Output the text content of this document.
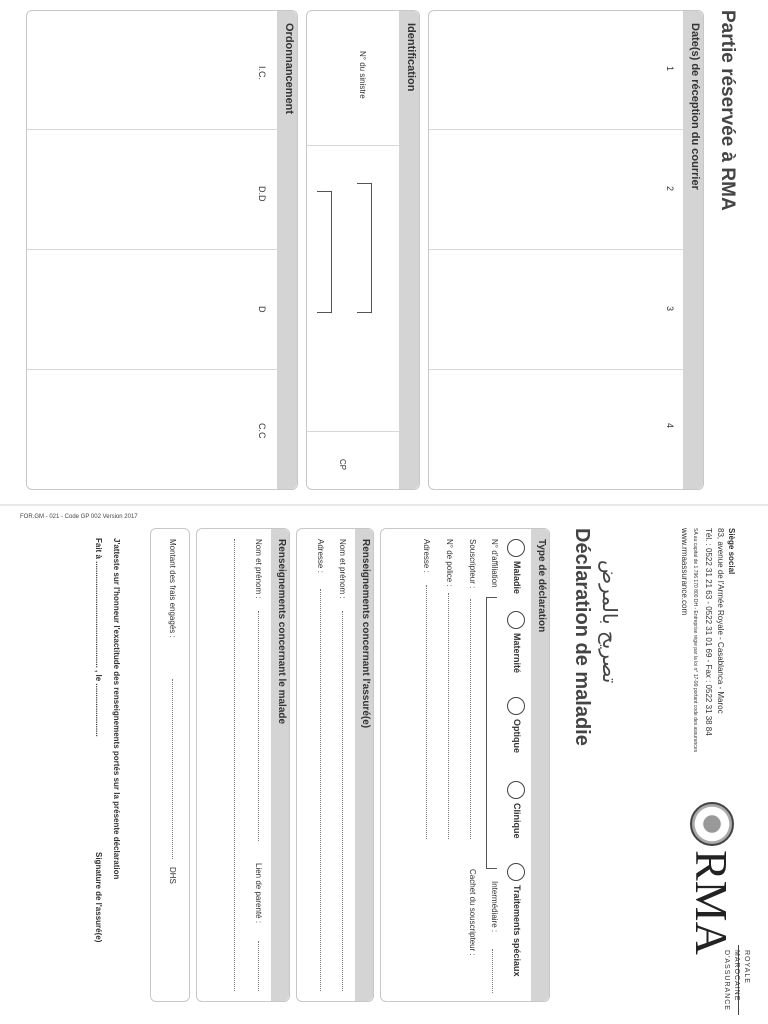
Partie réservée à RMA
Date(s) de réception du courrier
1
2
3
4
Identification
N° du sinistre
CP
Ordonnancement
I.C.
D.D
D
C.C
Siège social
83, avenue de l'Armée Royale - Casablanca - Maroc
Tél. : 0522 31 21 63 - 0522 31 01 69 - Fax : 0522 31 38 84
SA au capital de 1 796 170 800 DH - Entreprise régie par la loi n° 17-99 portant code des assurances
www.rmaassurance.com
RMA
ROYALE
MAROCAINE
D'ASSURANCE
Déclaration de maladie تصريح بالمرض
Type de déclaration
Maladie
Maternité
Optique
Clinique
Traitements spéciaux
N° d'affiliation
Intermédiaire :
Souscripteur :
Cachet du souscripteur :
N° de police :
Adresse :
Renseignements concernant l'assuré(e)
Nom et prénom :
Adresse :
Renseignements concernant le malade
Nom et prénom :
Lien de parenté :
Montant des frais engagés :
DHS
J'atteste sur l'honneur l'exactitude des renseignements portés sur la présente déclaration
Fait à ................................................ , le ........................
Signature de l'assuré(e)
FOR.GM - 021 - Code GP 002 Version 2017
